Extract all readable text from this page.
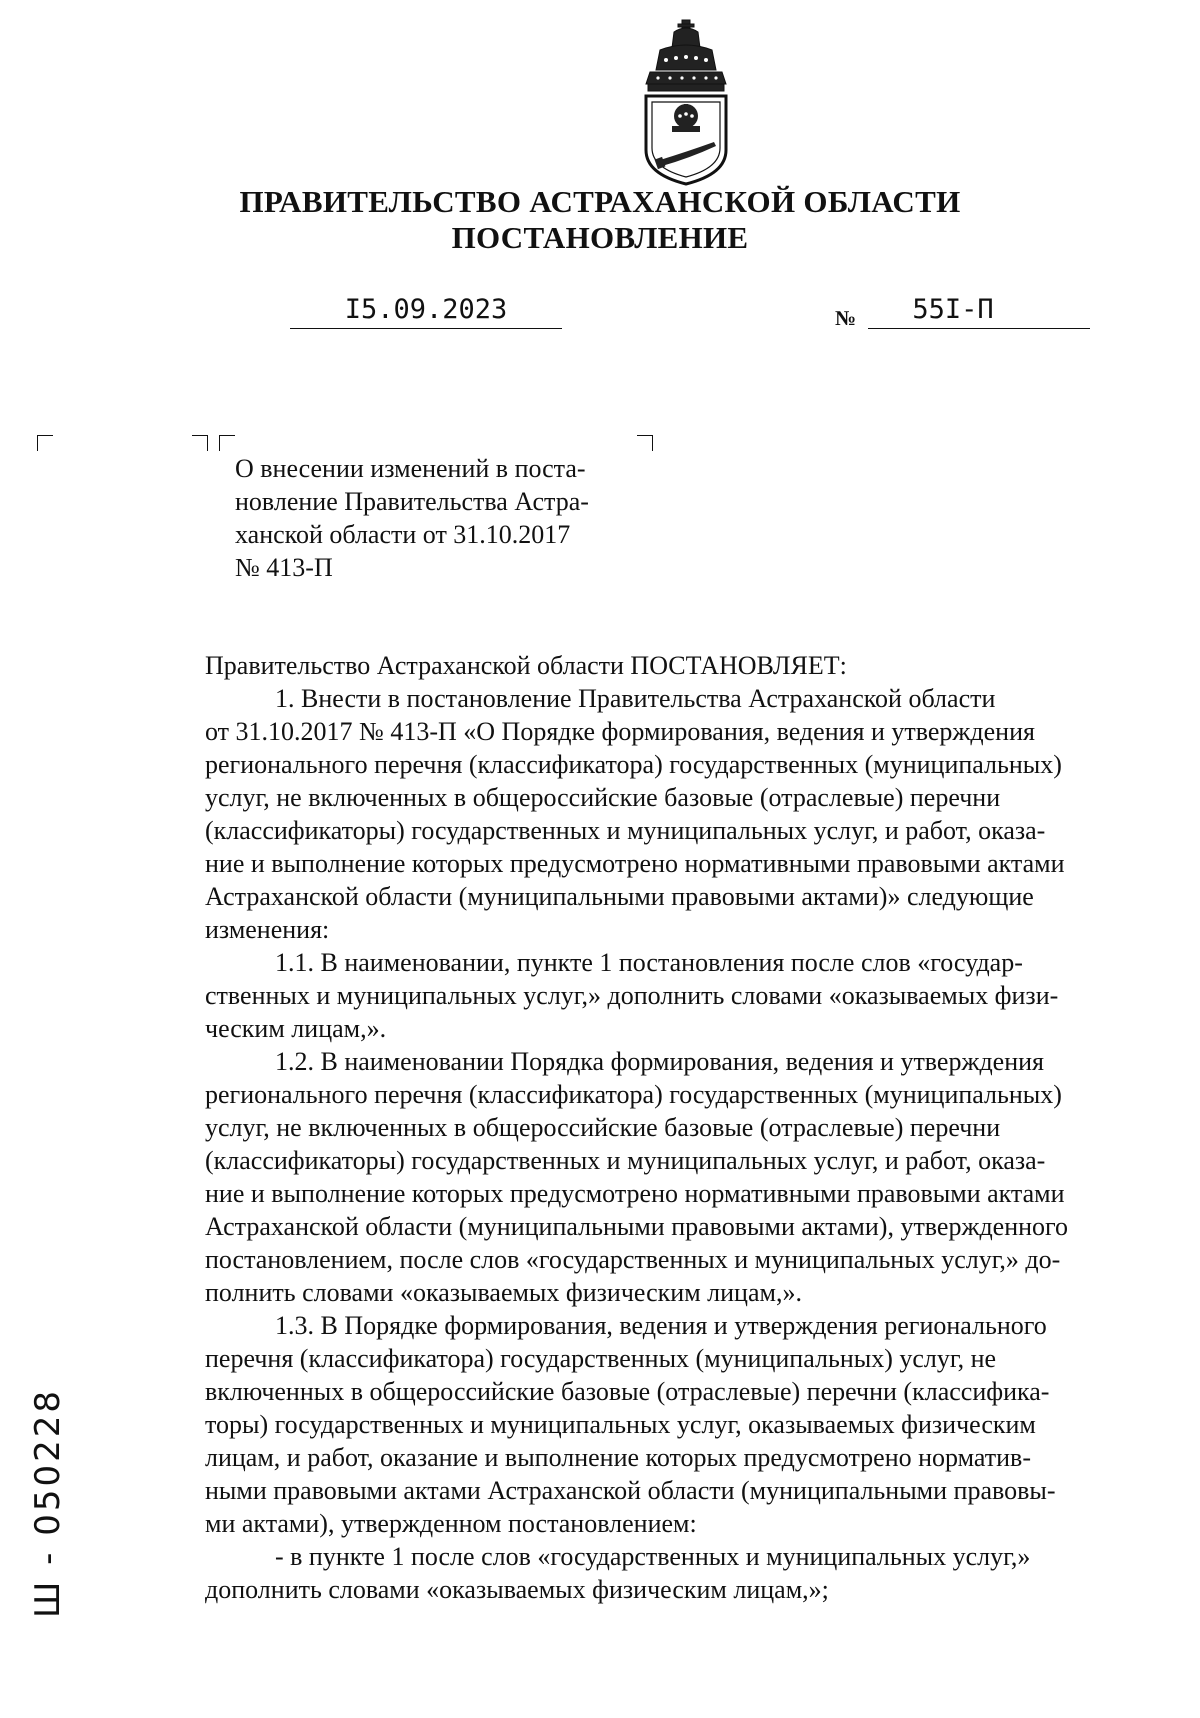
ПРАВИТЕЛЬСТВО АСТРАХАНСКОЙ ОБЛАСТИ
ПОСТАНОВЛЕНИЕ
I5.09.2023	№	55I-П

О внесении изменений в поста-
новление Правительства Астра-
ханской области от 31.10.2017
№ 413-П

Правительство Астраханской области ПОСТАНОВЛЯЕТ:

1. Внести в постановление Правительства Астраханской области
от 31.10.2017 № 413-П «О Порядке формирования, ведения и утверждения
регионального перечня (классификатора) государственных (муниципальных)
услуг, не включенных в общероссийские базовые (отраслевые) перечни
(классификаторы) государственных и муниципальных услуг, и работ, оказа-
ние и выполнение которых предусмотрено нормативными правовыми актами
Астраханской области (муниципальными правовыми актами)» следующие
изменения:

1.1. В наименовании, пункте 1 постановления после слов «государ-
ственных и муниципальных услуг,» дополнить словами «оказываемых физи-
ческим лицам,».

1.2. В наименовании Порядка формирования, ведения и утверждения
регионального перечня (классификатора) государственных (муниципальных)
услуг, не включенных в общероссийские базовые (отраслевые) перечни
(классификаторы) государственных и муниципальных услуг, и работ, оказа-
ние и выполнение которых предусмотрено нормативными правовыми актами
Астраханской области (муниципальными правовыми актами), утвержденного
постановлением, после слов «государственных и муниципальных услуг,» до-
полнить словами «оказываемых физическим лицам,».

1.3. В Порядке формирования, ведения и утверждения регионального
перечня (классификатора) государственных (муниципальных) услуг, не
включенных в общероссийские базовые (отраслевые) перечни (классифика-
торы) государственных и муниципальных услуг, оказываемых физическим
лицам, и работ, оказание и выполнение которых предусмотрено норматив-
ными правовыми актами Астраханской области (муниципальными правовы-
ми актами), утвержденном постановлением:

- в пункте 1 после слов «государственных и муниципальных услуг,»
дополнить словами «оказываемых физическим лицам,»;

Ш - 050228
